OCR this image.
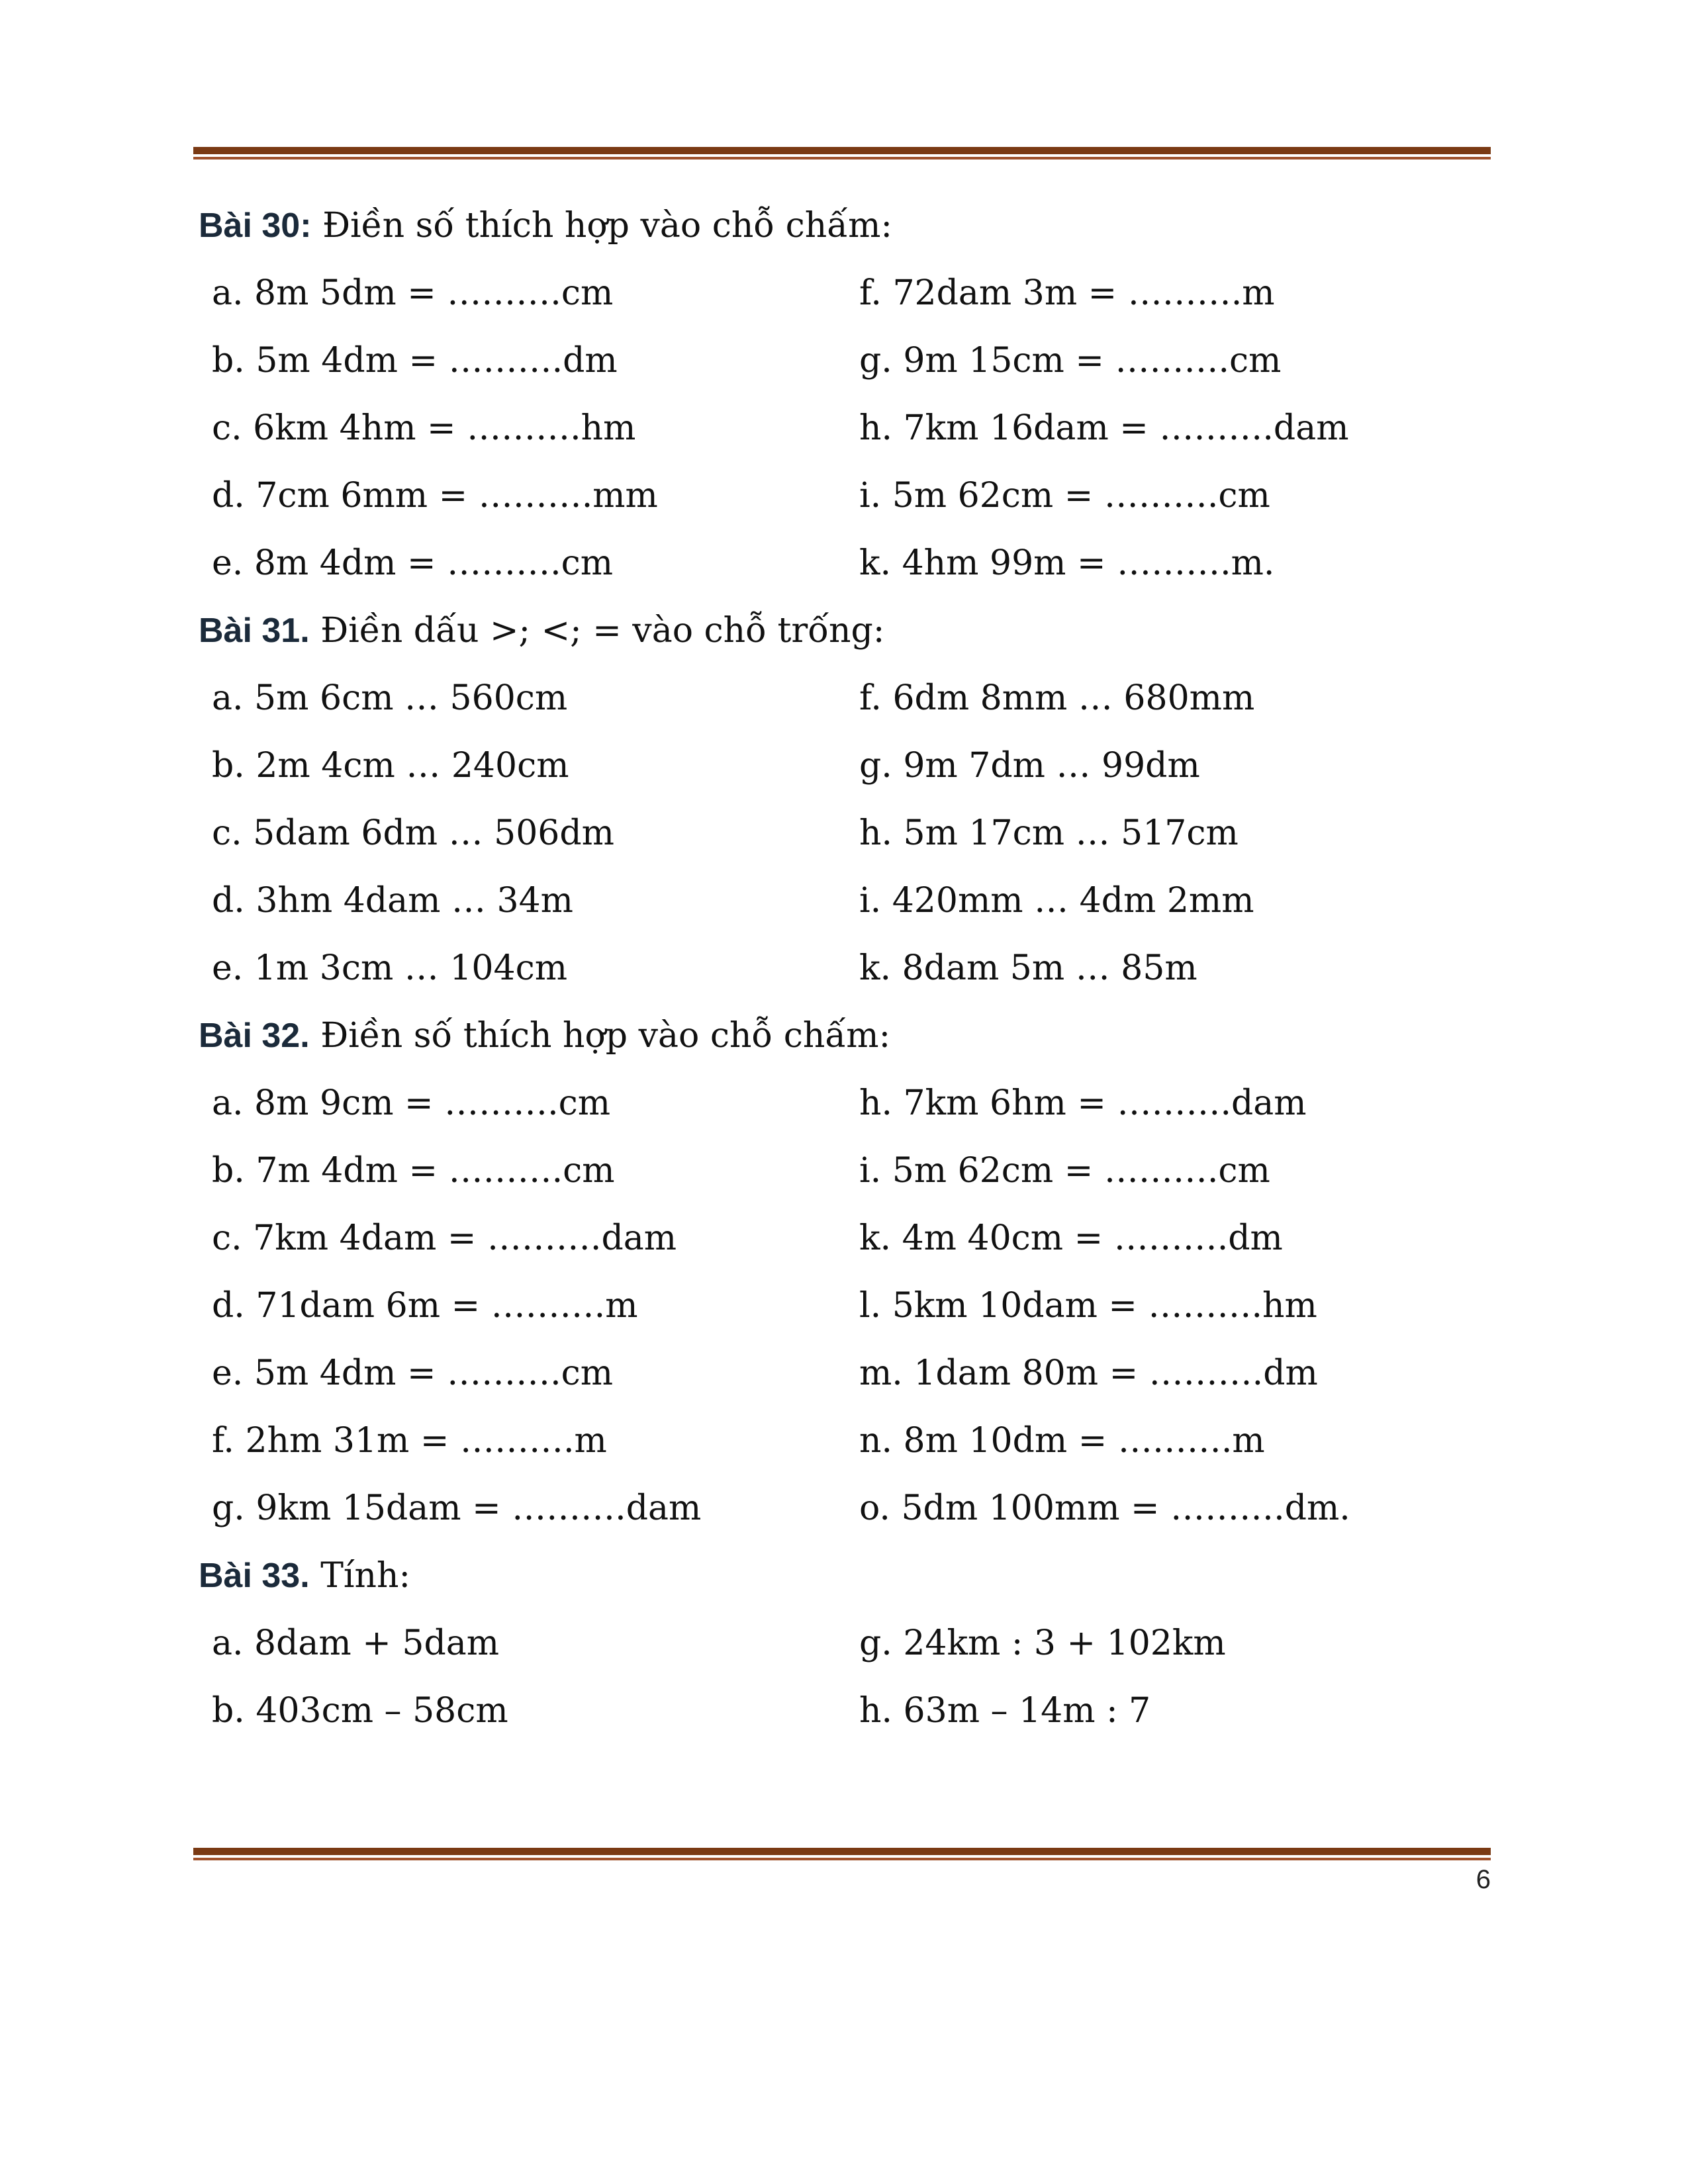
Bài 30: Điền số thích hợp vào chỗ chấm:
a. 8m 5dm = ……….cm	f. 72dam 3m = ……….m
b. 5m 4dm = ……….dm	g. 9m 15cm = ……….cm
c. 6km 4hm = ……….hm	h. 7km 16dam = ……….dam
d. 7cm 6mm = ……….mm	i. 5m 62cm = ……….cm
e. 8m 4dm = ……….cm	k. 4hm 99m = ……….m.
Bài 31. Điền dấu >; <; = vào chỗ trống:
a. 5m 6cm … 560cm	f. 6dm 8mm … 680mm
b. 2m 4cm … 240cm	g. 9m 7dm … 99dm
c. 5dam 6dm … 506dm	h. 5m 17cm … 517cm
d. 3hm 4dam … 34m	i. 420mm … 4dm 2mm
e. 1m 3cm … 104cm	k. 8dam 5m … 85m
Bài 32. Điền số thích hợp vào chỗ chấm:
a. 8m 9cm = ……….cm	h. 7km 6hm = ……….dam
b. 7m 4dm = ……….cm	i. 5m 62cm = ……….cm
c. 7km 4dam = ……….dam	k. 4m 40cm = ……….dm
d. 71dam 6m = ……….m	l. 5km 10dam = ……….hm
e. 5m 4dm = ……….cm	m. 1dam 80m = ……….dm
f. 2hm 31m = ……….m	n. 8m 10dm = ……….m
g. 9km 15dam = ……….dam	o. 5dm 100mm = ……….dm.
Bài 33. Tính:
a. 8dam + 5dam	g. 24km : 3 + 102km
b. 403cm – 58cm	h. 63m – 14m : 7
6
